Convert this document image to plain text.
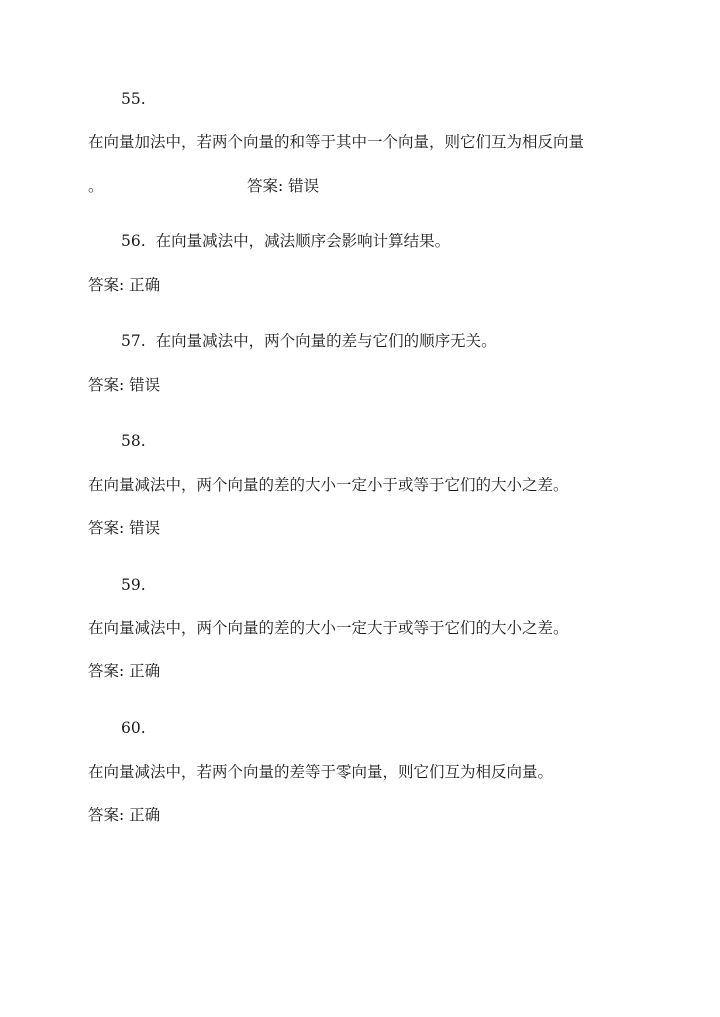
55.
在向量加法中，若两个向量的和等于其中一个向量，则它们互为相反向量
。	答案: 错误
56. 在向量减法中，减法顺序会影响计算结果。
答案: 正确
57. 在向量减法中，两个向量的差与它们的顺序无关。
答案: 错误
58.
在向量减法中，两个向量的差的大小一定小于或等于它们的大小之差。
答案: 错误
59.
在向量减法中，两个向量的差的大小一定大于或等于它们的大小之差。
答案: 正确
60.
在向量减法中，若两个向量的差等于零向量，则它们互为相反向量。
答案: 正确
